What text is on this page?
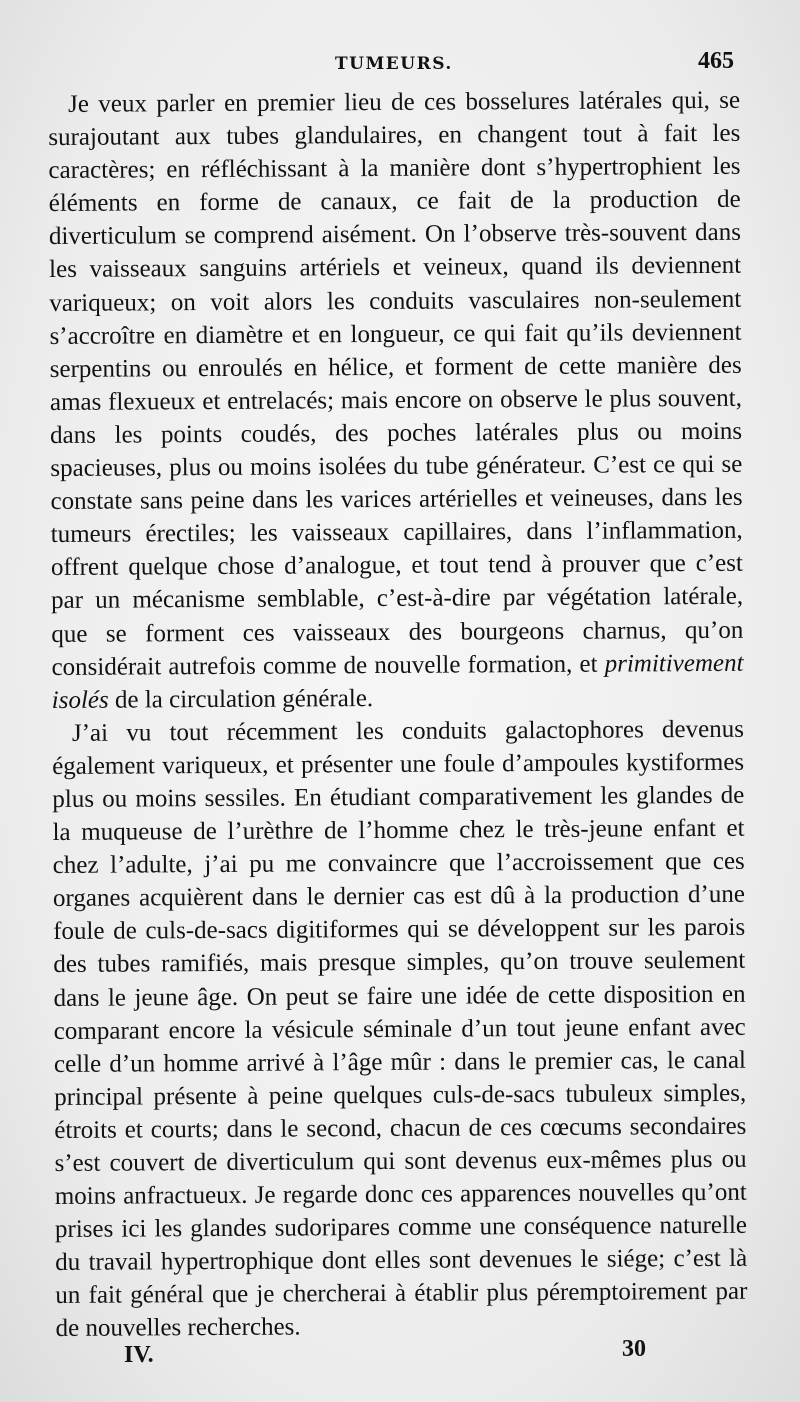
TUMEURS.	465

Je veux parler en premier lieu de ces bosselures latérales qui, se surajoutant aux tubes glandulaires, en changent tout à fait les caractères; en réfléchissant à la manière dont s’hypertrophient les éléments en forme de canaux, ce fait de la production de diverticulum se comprend aisément. On l’observe très-souvent dans les vaisseaux sanguins artériels et veineux, quand ils deviennent variqueux; on voit alors les conduits vasculaires non-seulement s’accroître en diamètre et en longueur, ce qui fait qu’ils deviennent serpentins ou enroulés en hélice, et forment de cette manière des amas flexueux et entrelacés; mais encore on observe le plus souvent, dans les points coudés, des poches latérales plus ou moins spacieuses, plus ou moins isolées du tube générateur. C’est ce qui se constate sans peine dans les varices artérielles et veineuses, dans les tumeurs érectiles; les vaisseaux capillaires, dans l’inflammation, offrent quelque chose d’analogue, et tout tend à prouver que c’est par un mécanisme semblable, c’est-à-dire par végétation latérale, que se forment ces vaisseaux des bourgeons charnus, qu’on considérait autrefois comme de nouvelle formation, et primitivement isolés de la circulation générale.

J’ai vu tout récemment les conduits galactophores devenus également variqueux, et présenter une foule d’ampoules kystiformes plus ou moins sessiles. En étudiant comparativement les glandes de la muqueuse de l’urèthre de l’homme chez le très-jeune enfant et chez l’adulte, j’ai pu me convaincre que l’accroissement que ces organes acquièrent dans le dernier cas est dû à la production d’une foule de culs-de-sacs digitiformes qui se développent sur les parois des tubes ramifiés, mais presque simples, qu’on trouve seulement dans le jeune âge. On peut se faire une idée de cette disposition en comparant encore la vésicule séminale d’un tout jeune enfant avec celle d’un homme arrivé à l’âge mûr : dans le premier cas, le canal principal présente à peine quelques culs-de-sacs tubuleux simples, étroits et courts; dans le second, chacun de ces cœcums secondaires s’est couvert de diverticulum qui sont devenus eux-mêmes plus ou moins anfractueux. Je regarde donc ces apparences nouvelles qu’ont prises ici les glandes sudoripares comme une conséquence naturelle du travail hypertrophique dont elles sont devenues le siége; c’est là un fait général que je chercherai à établir plus péremptoirement par de nouvelles recherches.

IV.	30
